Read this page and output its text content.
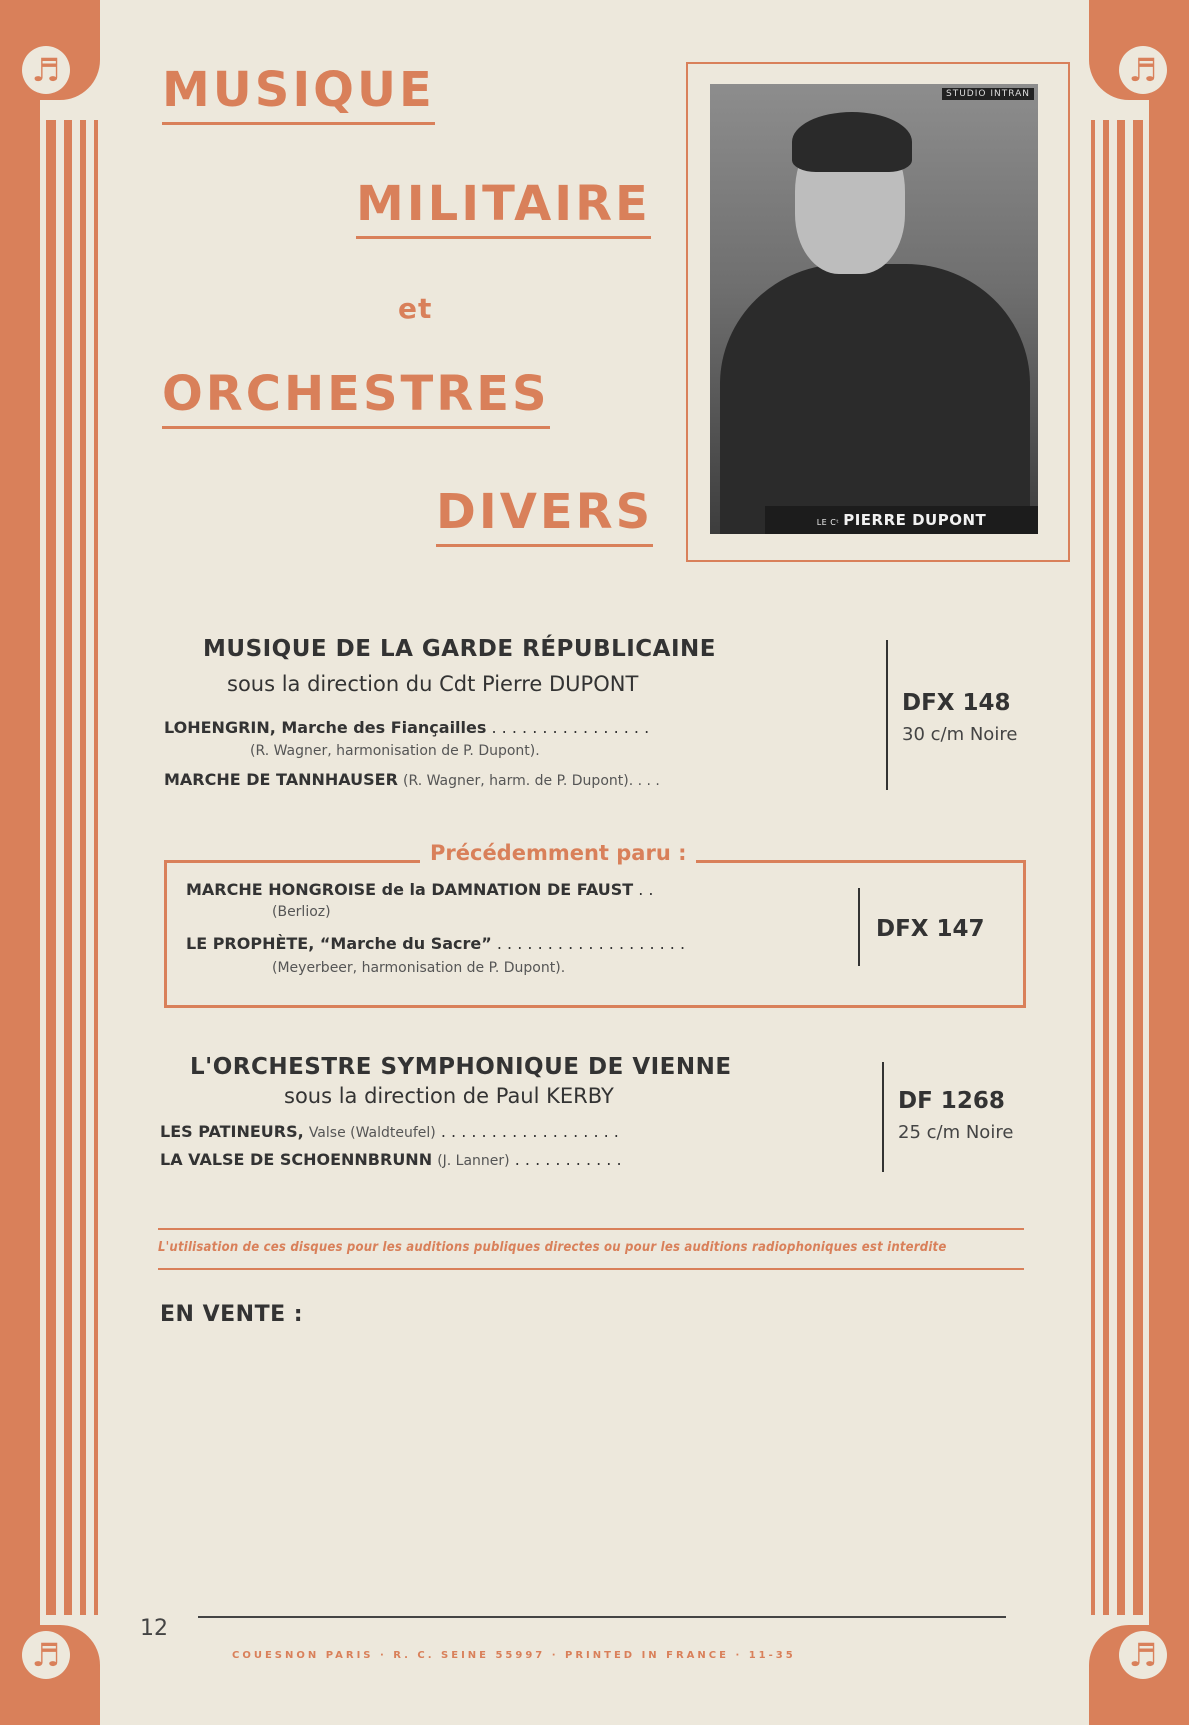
♬	♬
♬	♬
MUSIQUE
MILITAIRE
et
ORCHESTRES
DIVERS
STUDIO INTRAN
LE Cᵗ PIERRE DUPONT
MUSIQUE DE LA GARDE RÉPUBLICAINE
sous la direction du Cdt Pierre DUPONT
LOHENGRIN, Marche des Fiançailles . . . . . . . . . . . . . . . .
(R. Wagner, harmonisation de P. Dupont).
MARCHE DE TANNHAUSER (R. Wagner, harm. de P. Dupont). . . .
DFX 148
30 c/m Noire
Précédemment paru :
MARCHE HONGROISE de la DAMNATION DE FAUST . .
(Berlioz)
LE PROPHÈTE, “Marche du Sacre” . . . . . . . . . . . . . . . . . . .
(Meyerbeer, harmonisation de P. Dupont).
DFX 147
L'ORCHESTRE SYMPHONIQUE DE VIENNE
sous la direction de Paul KERBY
LES PATINEURS, Valse (Waldteufel) . . . . . . . . . . . . . . . . . .
LA VALSE DE SCHOENNBRUNN (J. Lanner) . . . . . . . . . . .
DF 1268
25 c/m Noire
L'utilisation de ces disques pour les auditions publiques directes ou pour les auditions radiophoniques est interdite
EN VENTE :
12
COUESNON PARIS · R. C. SEINE 55997 · PRINTED IN FRANCE · 11-35
